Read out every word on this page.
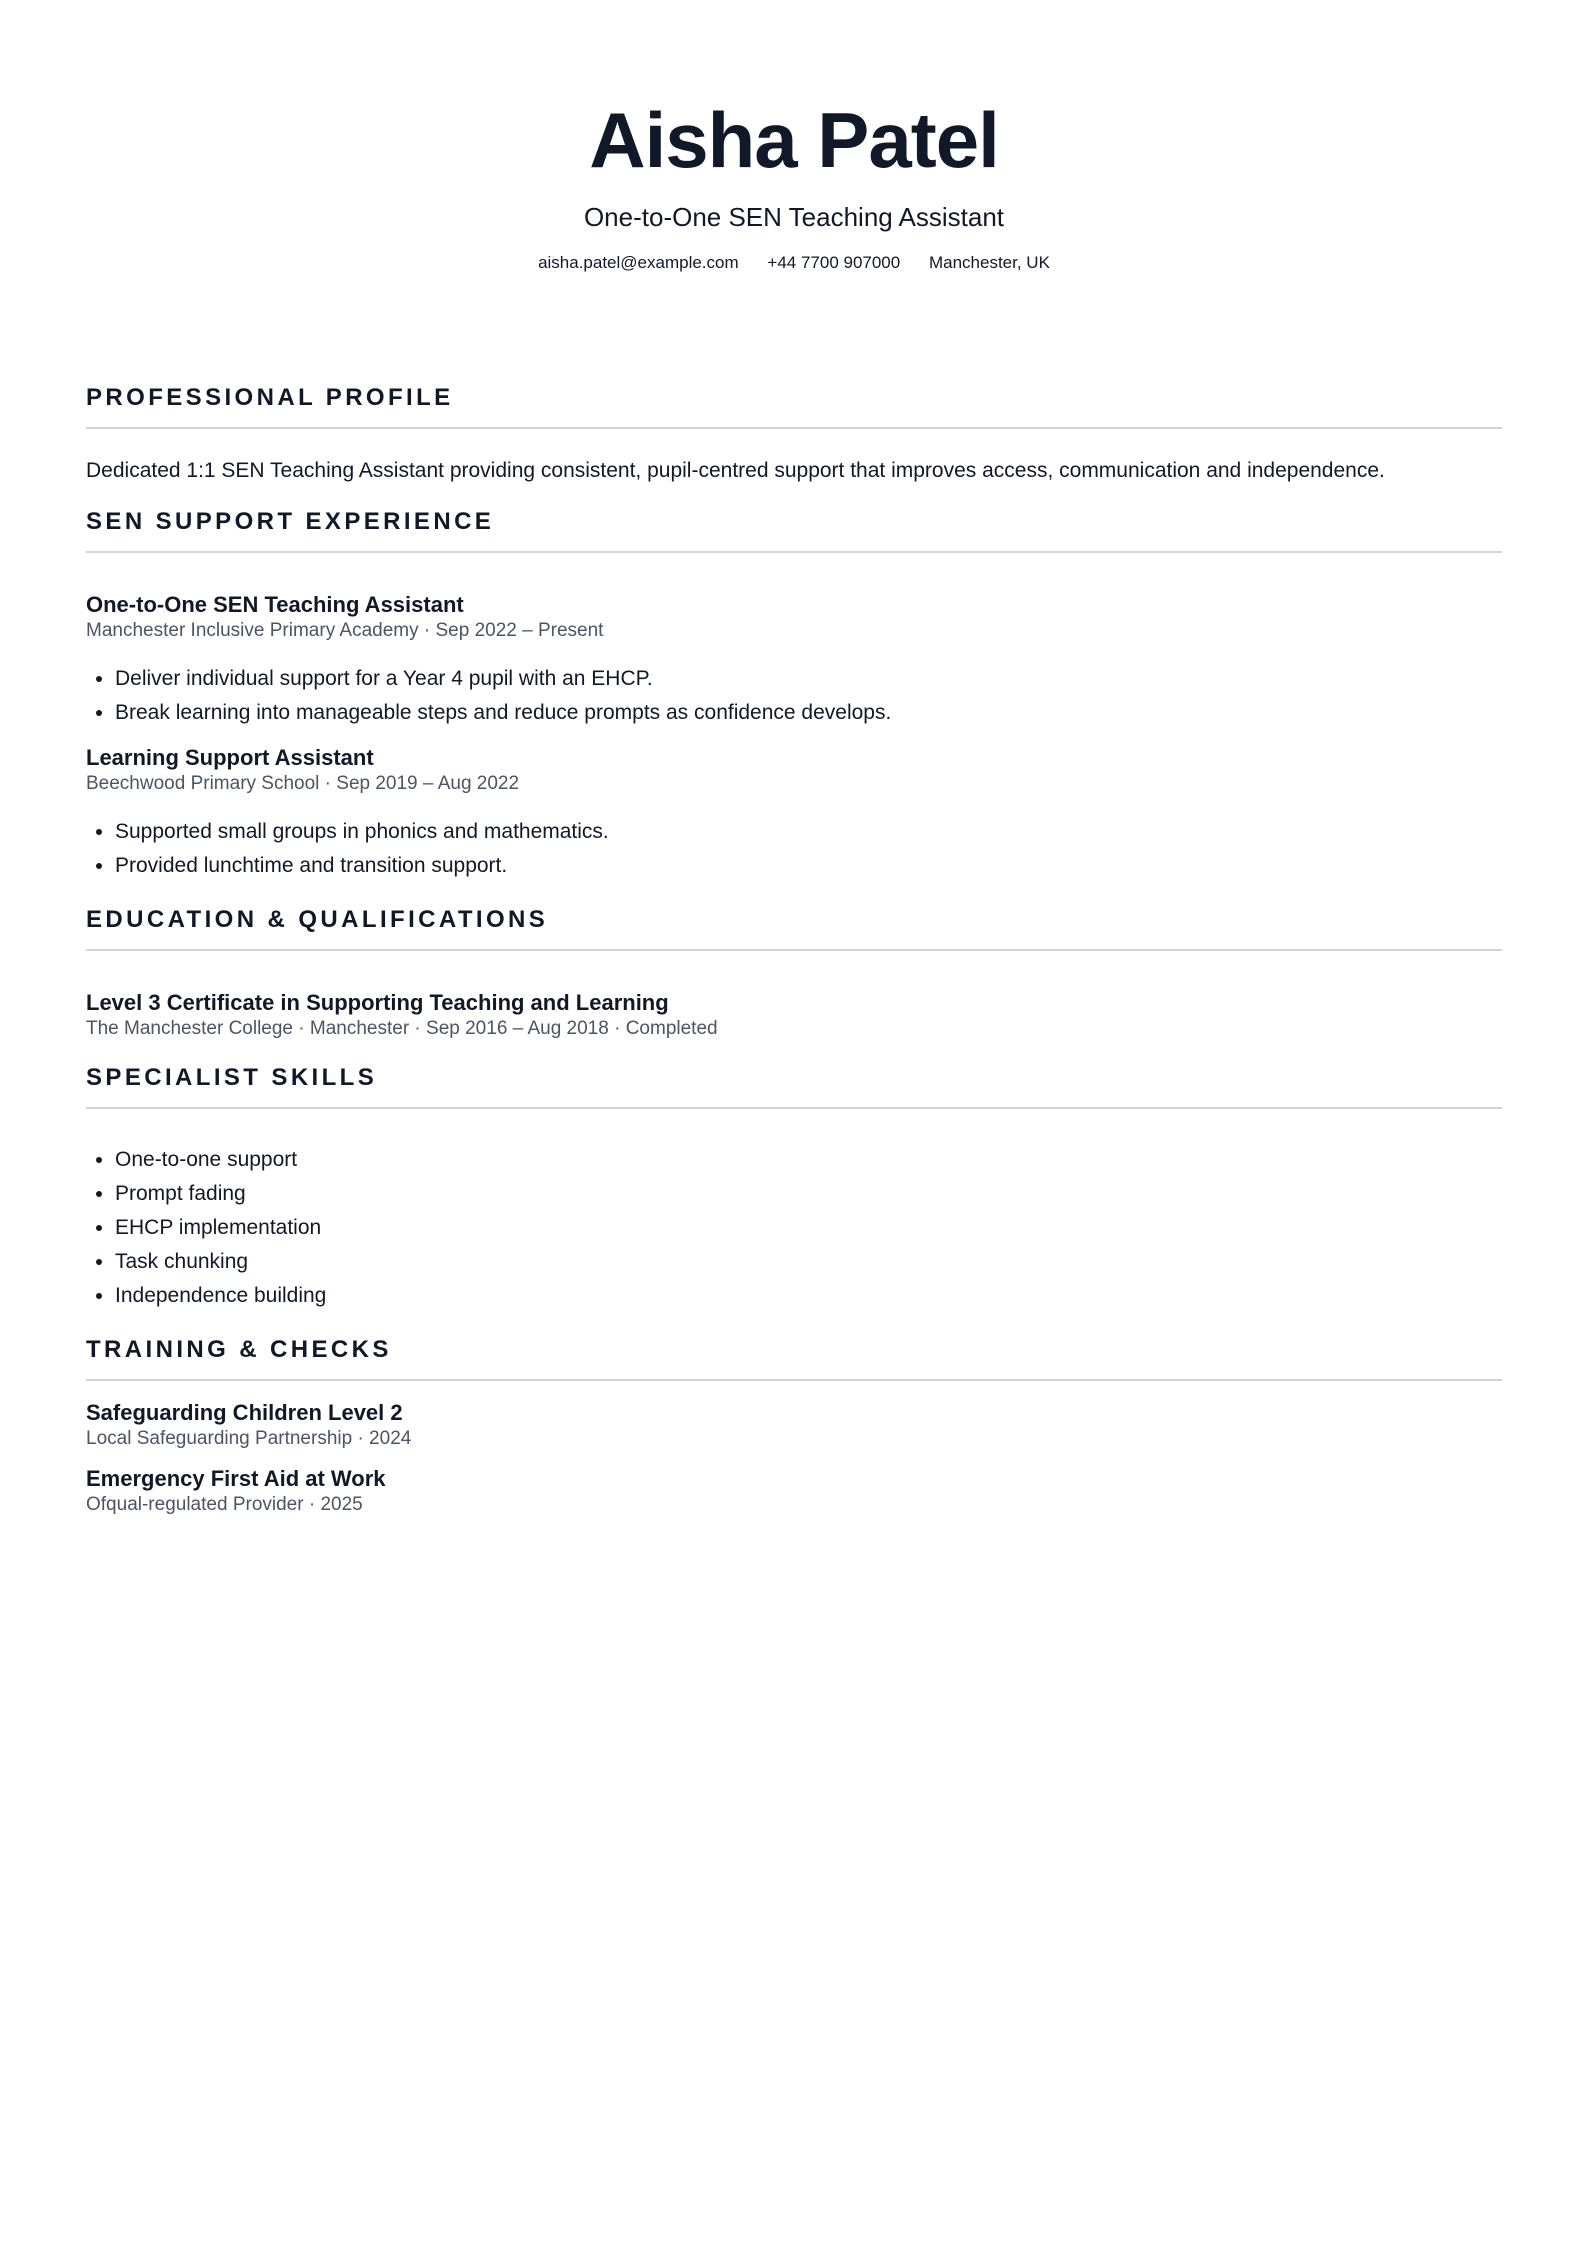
Aisha Patel
One-to-One SEN Teaching Assistant
aisha.patel@example.com +44 7700 907000 Manchester, UK
PROFESSIONAL PROFILE
Dedicated 1:1 SEN Teaching Assistant providing consistent, pupil-centred support that improves access, communication and independence.
SEN SUPPORT EXPERIENCE
One-to-One SEN Teaching Assistant
Manchester Inclusive Primary Academy · Sep 2022 – Present
• Deliver individual support for a Year 4 pupil with an EHCP.
• Break learning into manageable steps and reduce prompts as confidence develops.
Learning Support Assistant
Beechwood Primary School · Sep 2019 – Aug 2022
• Supported small groups in phonics and mathematics.
• Provided lunchtime and transition support.
EDUCATION & QUALIFICATIONS
Level 3 Certificate in Supporting Teaching and Learning
The Manchester College · Manchester · Sep 2016 – Aug 2018 · Completed
SPECIALIST SKILLS
• One-to-one support
• Prompt fading
• EHCP implementation
• Task chunking
• Independence building
TRAINING & CHECKS
Safeguarding Children Level 2
Local Safeguarding Partnership · 2024
Emergency First Aid at Work
Ofqual-regulated Provider · 2025
